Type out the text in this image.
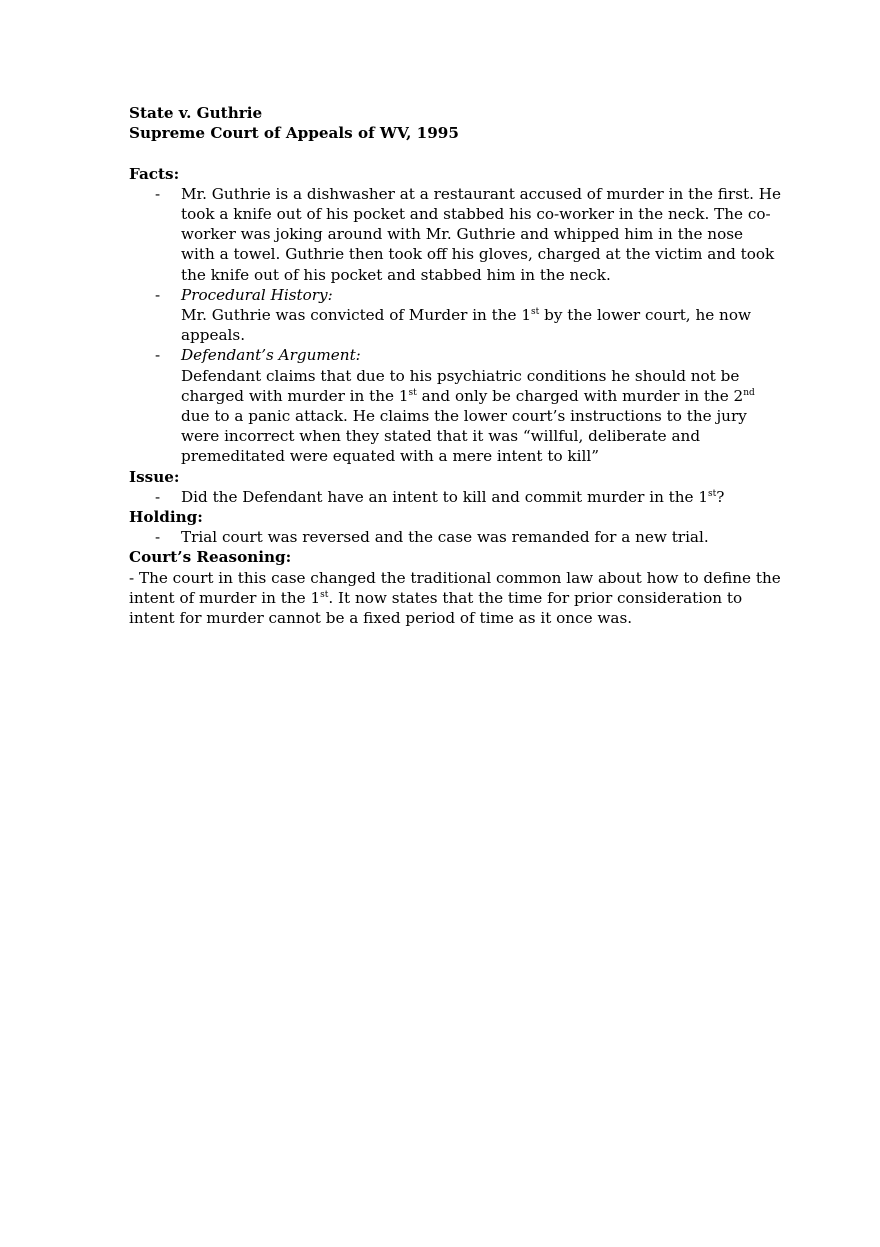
State v. Guthrie
Supreme Court of Appeals of WV, 1995
Facts:
- Mr. Guthrie is a dishwasher at a restaurant accused of murder in the first. He
took a knife out of his pocket and stabbed his co-worker in the neck. The co-
worker was joking around with Mr. Guthrie and whipped him in the nose
with a towel. Guthrie then took off his gloves, charged at the victim and took
the knife out of his pocket and stabbed him in the neck.
- Procedural History:
Mr. Guthrie was convicted of Murder in the 1st by the lower court, he now
appeals.
- Defendant’s Argument:
Defendant claims that due to his psychiatric conditions he should not be
charged with murder in the 1st and only be charged with murder in the 2nd
due to a panic attack. He claims the lower court’s instructions to the jury
were incorrect when they stated that it was “willful, deliberate and
premeditated were equated with a mere intent to kill”
Issue:
- Did the Defendant have an intent to kill and commit murder in the 1st?
Holding:
- Trial court was reversed and the case was remanded for a new trial.
Court’s Reasoning:
- The court in this case changed the traditional common law about how to define the
intent of murder in the 1st. It now states that the time for prior consideration to
intent for murder cannot be a fixed period of time as it once was.
